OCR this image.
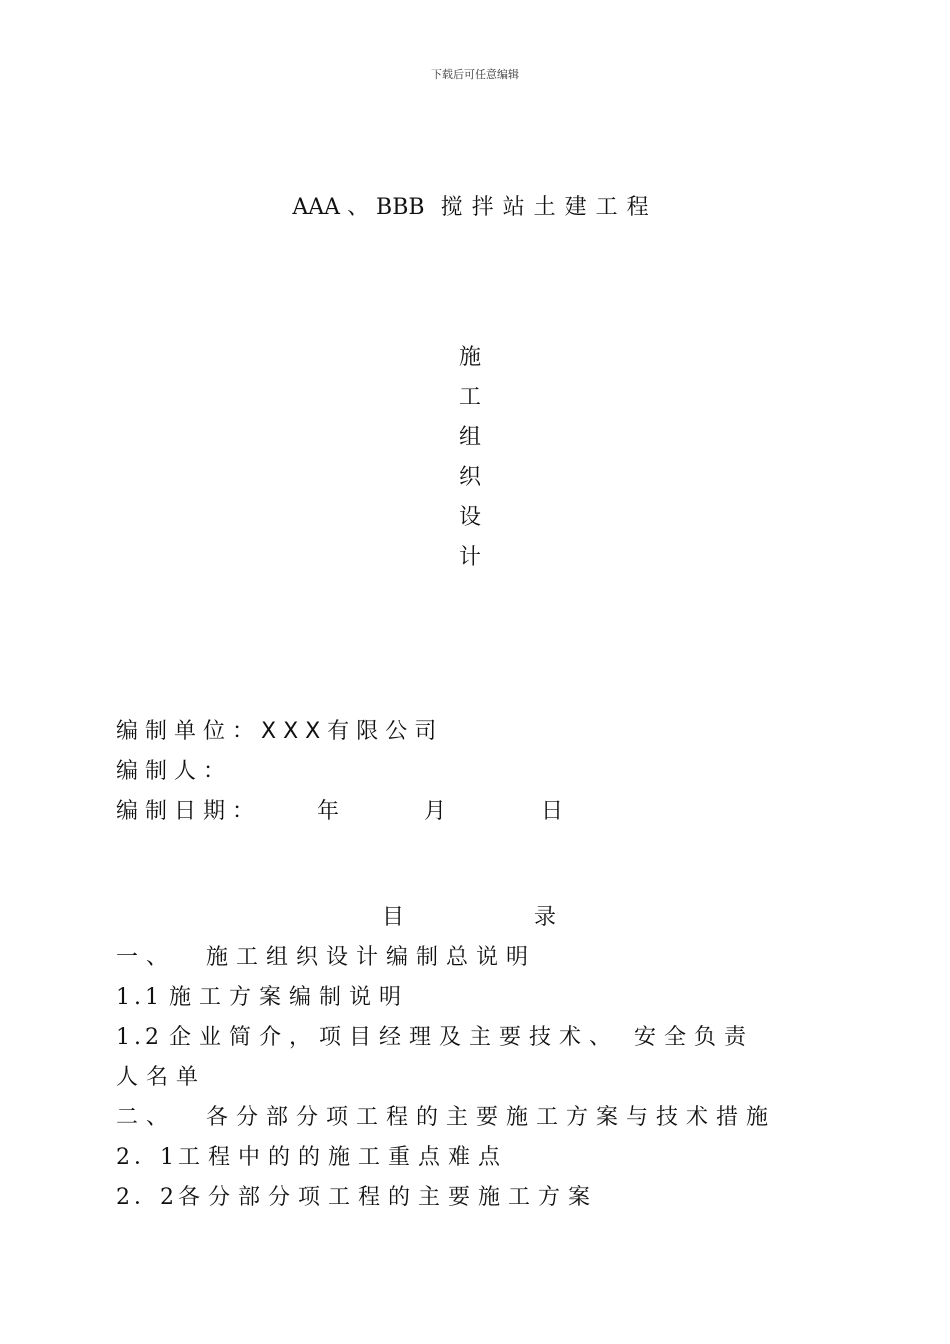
下载后可任意编辑
AAA 、 BBB 搅拌站土建工程
施
工
组
织
设
计
编制单位：XXX有限公司
编制人：
编制日期：	年	月	日
目	录
一、 施工组织设计编制总说明
1.1 施工方案编制说明
1.2 企业简介，项目经理及主要技术、 安全负责
人名单
二、 各分部分项工程的主要施工方案与技术措施
2．1工程中的的施工重点难点
2．2各分部分项工程的主要施工方案
